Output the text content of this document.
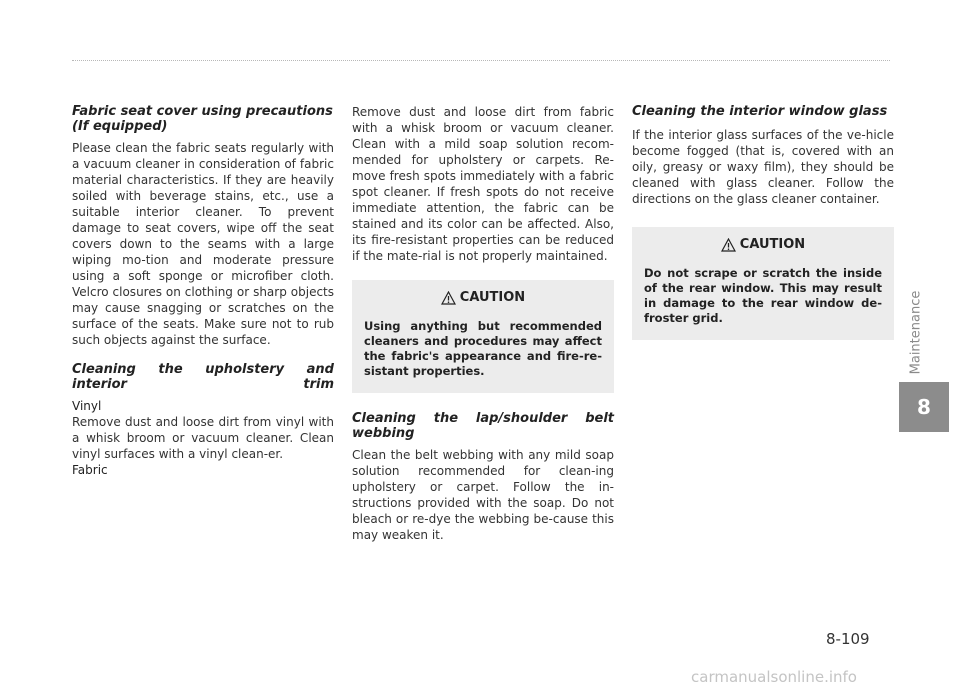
Fabric seat cover using precautions (If equipped)

Please clean the fabric seats regularly with a vacuum cleaner in consideration of fabric material characteristics. If they are heavily soiled with beverage stains, etc., use a suitable interior cleaner. To prevent damage to seat covers, wipe off the seat covers down to the seams with a large wiping mo-tion and moderate pressure using a soft sponge or microfiber cloth. Velcro closures on clothing or sharp objects may cause snagging or scratches on the surface of the seats. Make sure not to rub such objects against the surface.

Cleaning the upholstery and interior trim
Vinyl

Remove dust and loose dirt from vinyl with a whisk broom or vacuum cleaner. Clean vinyl surfaces with a vinyl clean-er.

Fabric

Remove dust and loose dirt from fabric with a whisk broom or vacuum cleaner. Clean with a mild soap solution recom-mended for upholstery or carpets. Re-move fresh spots immediately with a fabric spot cleaner. If fresh spots do not receive immediate attention, the fabric can be stained and its color can be affected. Also, its fire-resistant properties can be reduced if the mate-rial is not properly maintained.

CAUTION
Using anything but recommended cleaners and procedures may affect the fabric's appearance and fire-re-sistant properties.
Cleaning the lap/shoulder belt webbing

Clean the belt webbing with any mild soap solution recommended for clean-ing upholstery or carpet. Follow the in-structions provided with the soap. Do not bleach or re-dye the webbing be-cause this may weaken it.

Cleaning the interior window glass

If the interior glass surfaces of the ve-hicle become fogged (that is, covered with an oily, greasy or waxy film), they should be cleaned with glass cleaner. Follow the directions on the glass cleaner container.

CAUTION
Do not scrape or scratch the inside of the rear window. This may result in damage to the rear window de-froster grid.	Maintenance
8
8-109
carmanualsonline.info
